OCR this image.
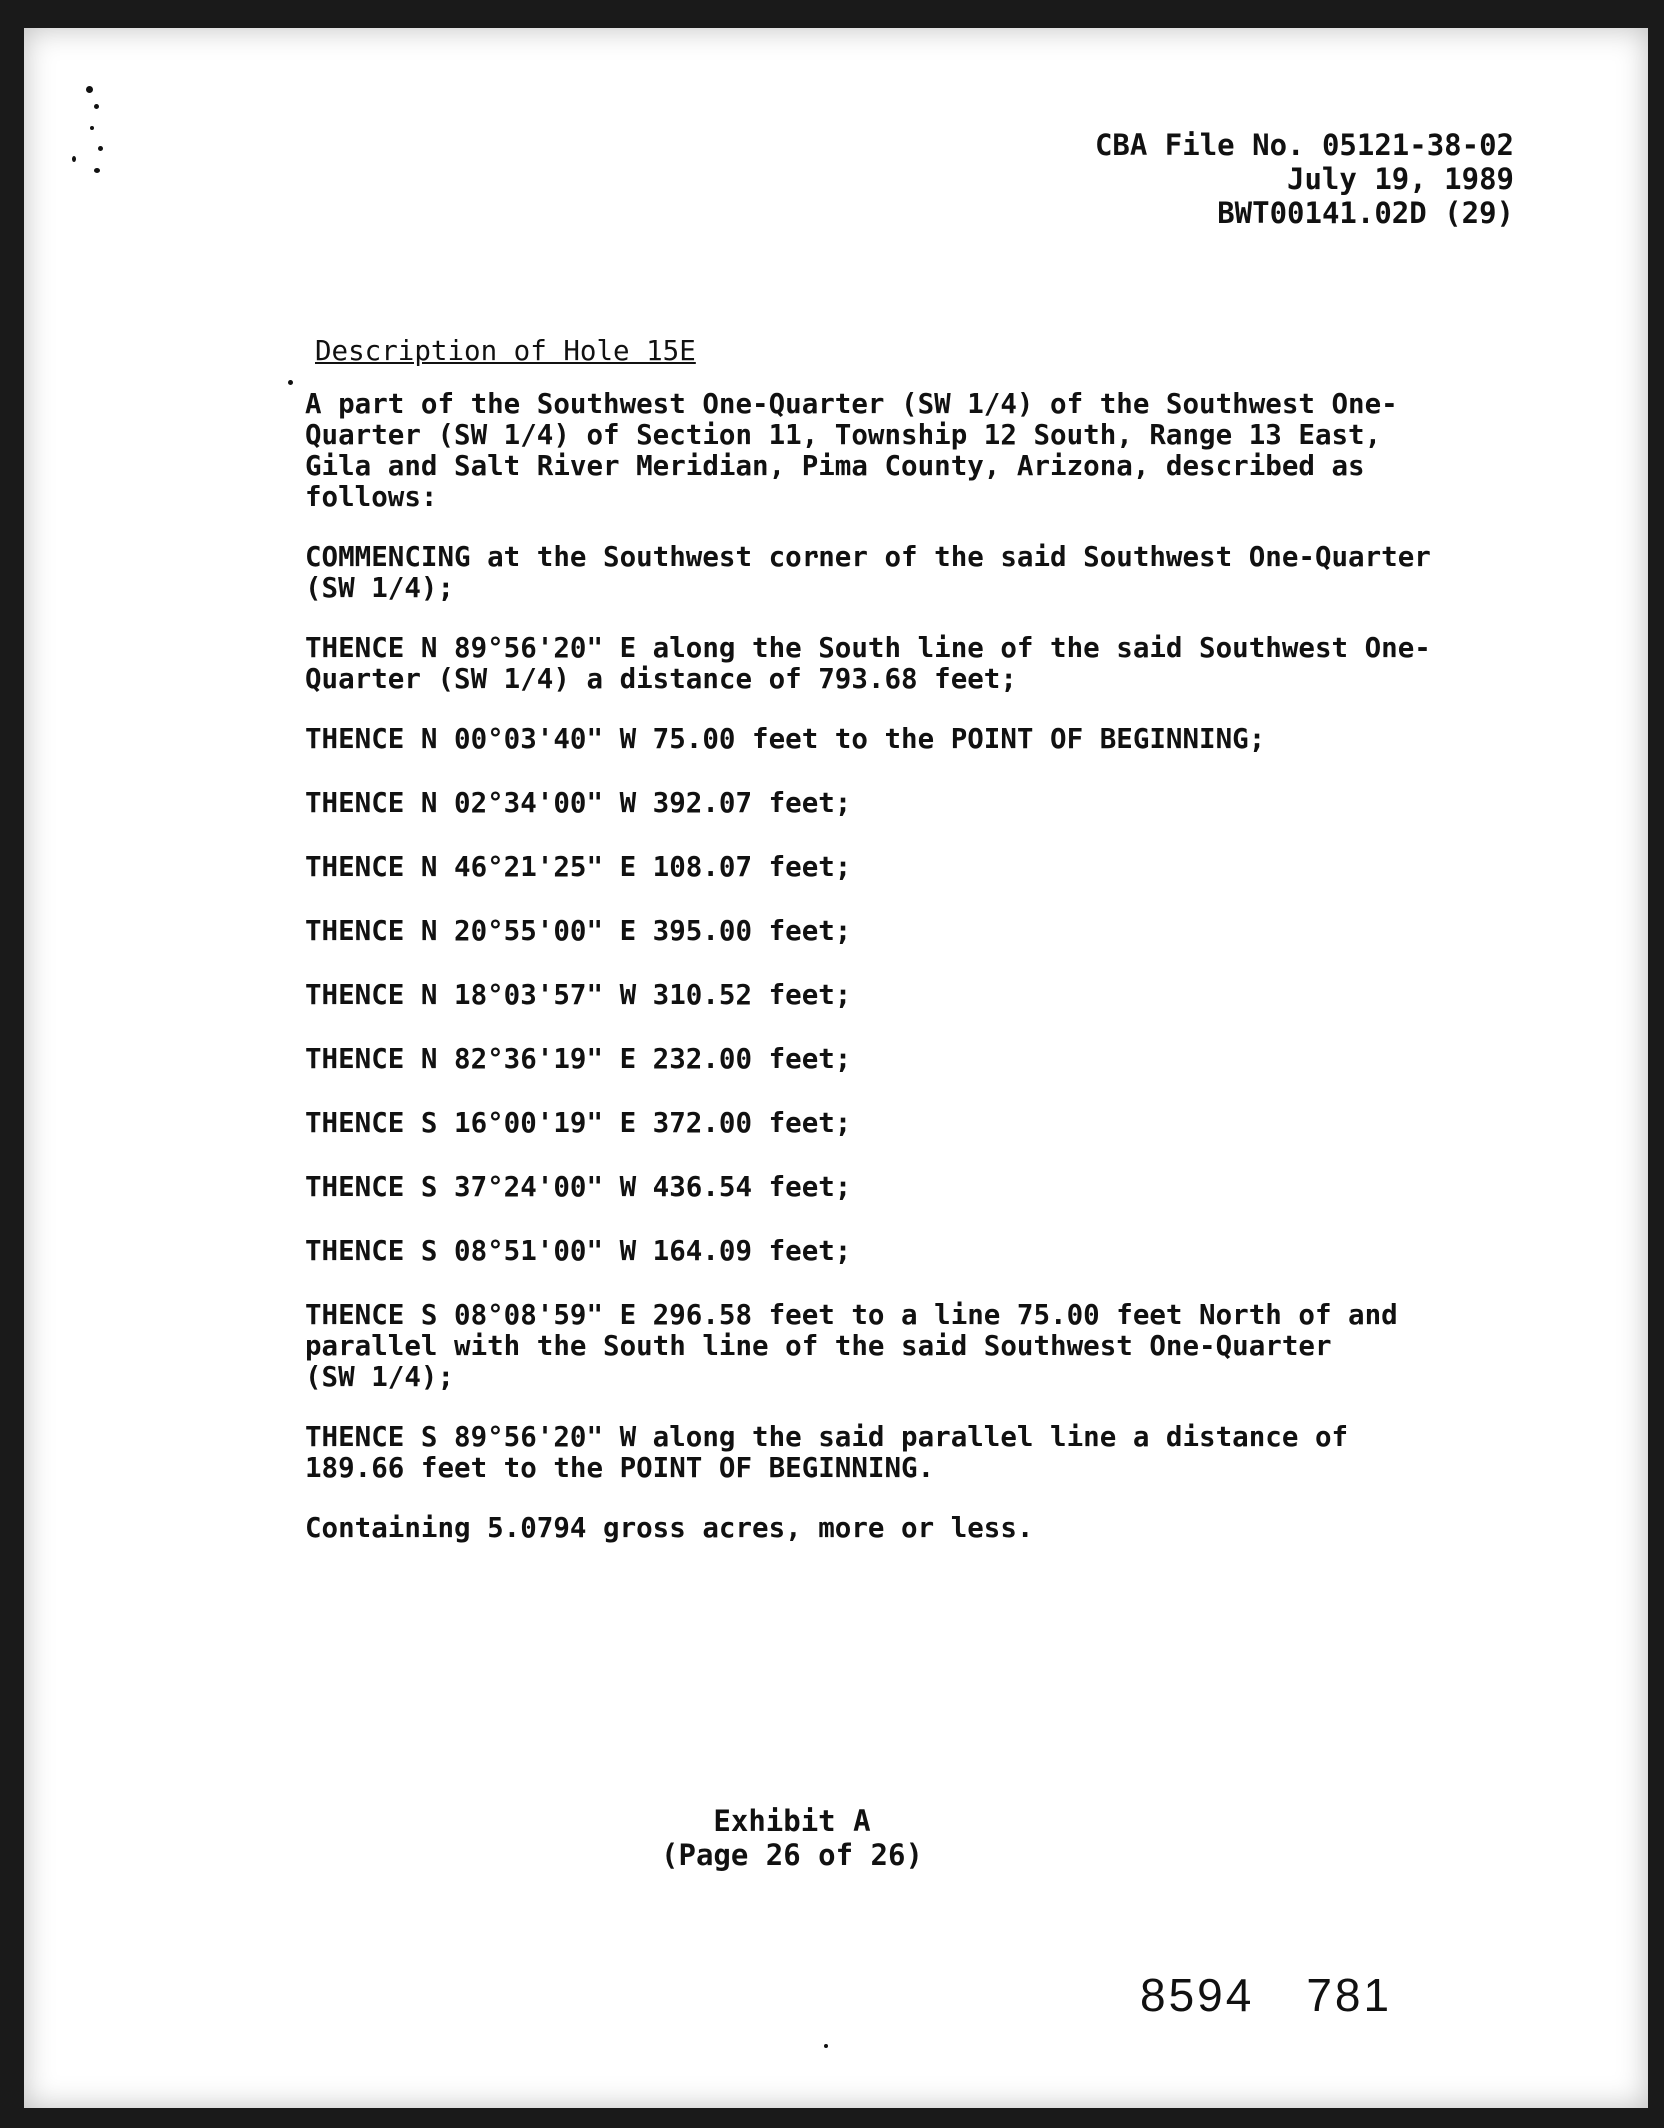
CBA File No. 05121-38-02
July 19, 1989
BWT00141.02D (29)
Description of Hole 15E
A part of the Southwest One-Quarter (SW 1/4) of the Southwest One-
Quarter (SW 1/4) of Section 11, Township 12 South, Range 13 East,
Gila and Salt River Meridian, Pima County, Arizona, described as
follows:
COMMENCING at the Southwest corner of the said Southwest One-Quarter
(SW 1/4);
THENCE N 89°56'20" E along the South line of the said Southwest One-
Quarter (SW 1/4) a distance of 793.68 feet;
THENCE N 00°03'40" W 75.00 feet to the POINT OF BEGINNING;
THENCE N 02°34'00" W 392.07 feet;
THENCE N 46°21'25" E 108.07 feet;
THENCE N 20°55'00" E 395.00 feet;
THENCE N 18°03'57" W 310.52 feet;
THENCE N 82°36'19" E 232.00 feet;
THENCE S 16°00'19" E 372.00 feet;
THENCE S 37°24'00" W 436.54 feet;
THENCE S 08°51'00" W 164.09 feet;
THENCE S 08°08'59" E 296.58 feet to a line 75.00 feet North of and
parallel with the South line of the said Southwest One-Quarter
(SW 1/4);
THENCE S 89°56'20" W along the said parallel line a distance of
189.66 feet to the POINT OF BEGINNING.
Containing 5.0794 gross acres, more or less.
Exhibit A
(Page 26 of 26)
8594 781
